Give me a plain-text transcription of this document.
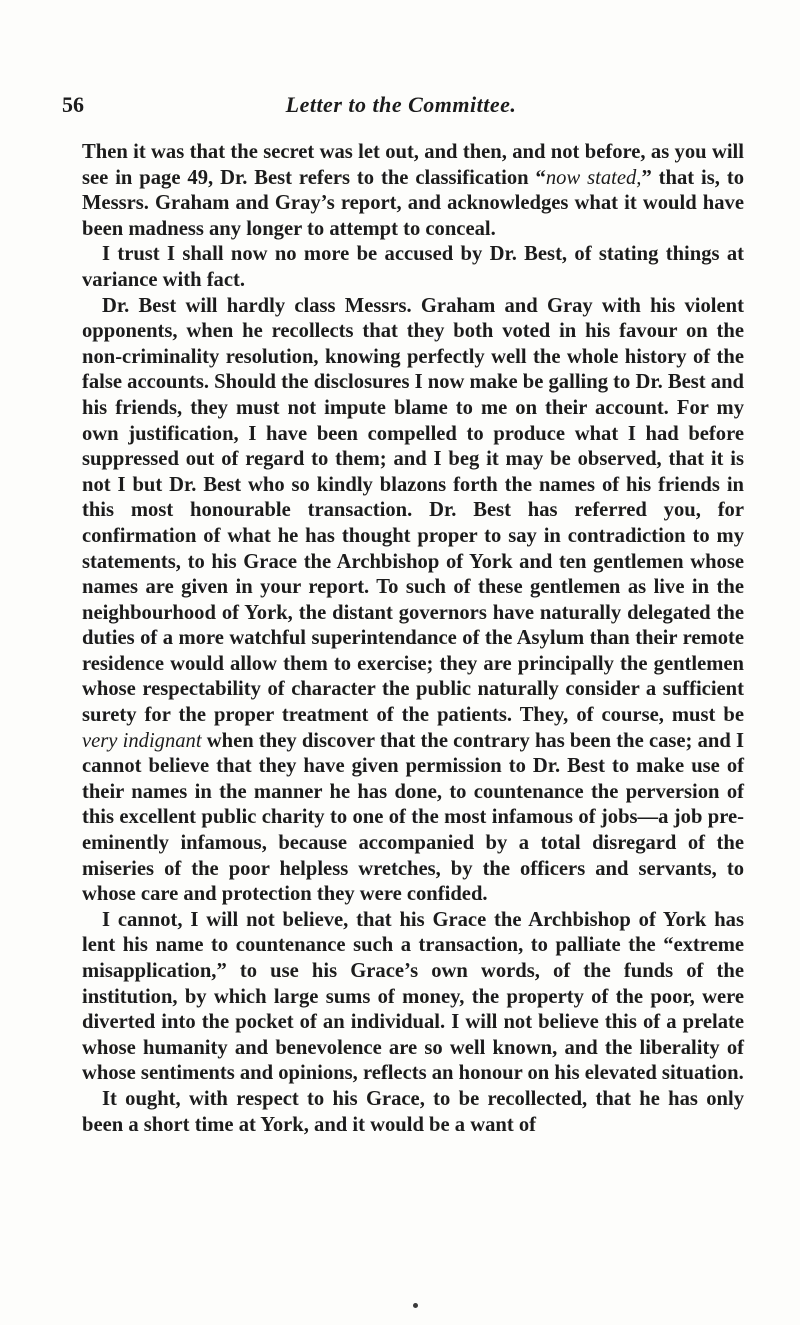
56	Letter to the Committee.

Then it was that the secret was let out, and then, and not before, as you will see in page 49, Dr. Best refers to the classification “now stated,” that is, to Messrs. Graham and Gray’s report, and acknowledges what it would have been madness any longer to attempt to conceal.

I trust I shall now no more be accused by Dr. Best, of stating things at variance with fact.

Dr. Best will hardly class Messrs. Graham and Gray with his violent opponents, when he recollects that they both voted in his favour on the non-criminality resolution, knowing perfectly well the whole history of the false accounts. Should the disclosures I now make be galling to Dr. Best and his friends, they must not impute blame to me on their account. For my own justification, I have been compelled to produce what I had before suppressed out of regard to them; and I beg it may be observed, that it is not I but Dr. Best who so kindly blazons forth the names of his friends in this most honourable transaction. Dr. Best has referred you, for confirmation of what he has thought proper to say in contradiction to my statements, to his Grace the Archbishop of York and ten gentlemen whose names are given in your report. To such of these gentlemen as live in the neighbourhood of York, the distant governors have naturally delegated the duties of a more watchful superintendance of the Asylum than their remote residence would allow them to exercise; they are principally the gentlemen whose respectability of character the public naturally consider a sufficient surety for the proper treatment of the patients. They, of course, must be very indignant when they discover that the contrary has been the case; and I cannot believe that they have given permission to Dr. Best to make use of their names in the manner he has done, to countenance the perversion of this excellent public charity to one of the most infamous of jobs—a job pre-eminently infamous, because accompanied by a total disregard of the miseries of the poor helpless wretches, by the officers and servants, to whose care and protection they were confided.

I cannot, I will not believe, that his Grace the Archbishop of York has lent his name to countenance such a transaction, to palliate the “extreme misapplication,” to use his Grace’s own words, of the funds of the institution, by which large sums of money, the property of the poor, were diverted into the pocket of an individual. I will not believe this of a prelate whose humanity and benevolence are so well known, and the liberality of whose sentiments and opinions, reflects an honour on his elevated situation.

It ought, with respect to his Grace, to be recollected, that he has only been a short time at York, and it would be a want of
